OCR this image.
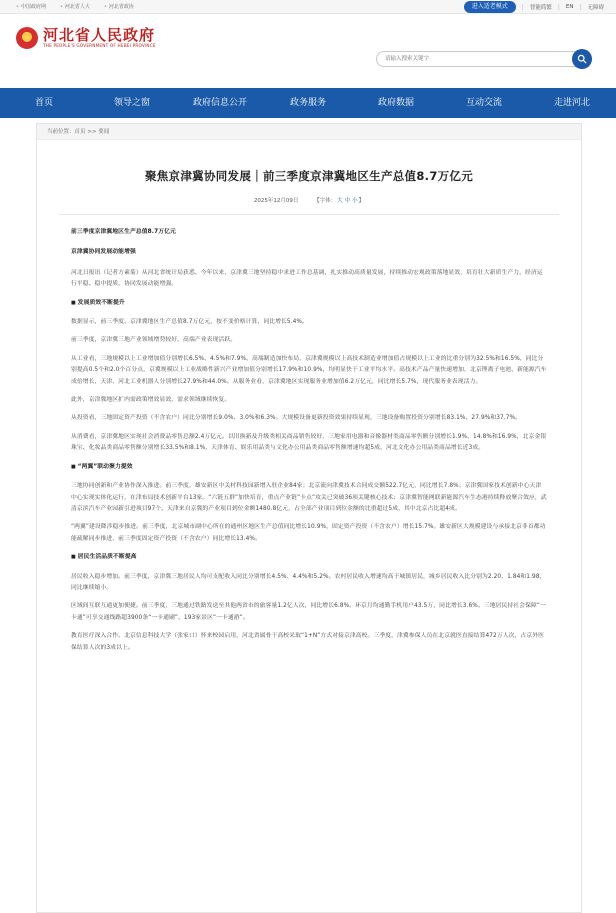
• 中国政府网	• 河北省人大	• 河北省政协	进入适老模式	| 智能简繁 | EN | 无障碍
★ 河北省人民政府
THE PEOPLE'S GOVERNMENT OF HEBEI PROVINCE
请输入搜索关键字
首页	领导之窗	政府信息公开	政务服务	政府数据	互动交流	走进河北
当前位置：首页 >> 要闻
聚焦京津冀协同发展｜前三季度京津冀地区生产总值8.7万亿元
2025年12月09日	【字体：大 中 小】

前三季度京津冀地区生产总值8.7万亿元

京津冀协同发展动能增强

河北日报讯（记者方素菊）从河北省统计局获悉，今年以来，京津冀三地坚持稳中求进工作总基调，扎实推动高质量发展，持续推动宏观政策落地显效，培育壮大新质生产力，经济运行平稳、稳中提质，协同发展动能增强。

■ 发展质效不断提升

数据显示，前三季度，京津冀地区生产总值8.7万亿元，按不变价格计算，同比增长5.4%。

前三季度，京津冀三地产业领域增势较好，高端产业表现活跃。

从工业看，三地规模以上工业增加值分别增长6.5%、4.5%和7.9%。高端制造加快布局，京津冀规模以上高技术制造业增加值占规模以上工业的比重分别为32.5%和16.5%，同比分别提高0.5个和2.0个百分点，京冀规模以上工业战略性新兴产业增加值分别增长17.9%和10.9%，均明显快于工业平均水平。高技术产品产量快速增加，北京锂离子电池、新能源汽车成倍增长，天津、河北工业机器人分别增长27.9%和44.0%。从服务业看，京津冀地区实现服务业增加值6.2万亿元，同比增长5.7%，现代服务业表现活力。

此外，京津冀地区扩内需政策增效显效，需求领域继续恢复。

从投资看，三地固定资产投资（不含农户）同比分别增长9.0%、3.0%和6.3%。大规模设备更新投资效果持续显现，三地设备购置投资分别增长83.1%、27.9%和37.7%。

从消费看，京津冀地区实现社会消费品零售总额2.4万亿元。以旧换新及升级类相关商品销售较好，三地家用电器和音像器材类商品零售额分别增长1.9%、14.8%和16.9%，北京金银珠宝、化妆品类商品零售额分别增长33.5%和8.1%，天津体育、娱乐用品类与文化办公用品类商品零售额增速均超5成，河北文化办公用品类商品增长近3成。

■ “两翼”联动聚力提效

三地协同创新和产业协作深入推进。前三季度，雄安新区中关村科技园新增入驻企业84家；北京流向津冀技术合同成交额522.7亿元，同比增长7.8%；京津冀国家技术创新中心天津中心实现实体化运行，在津布局技术创新平台13家。“六链五群”加快培育，重点产业链“卡点”攻关已突破36项关键核心技术；京津冀智能网联新能源汽车生态港持续释放聚合效应，武清京滨汽车产业园新引进项目97个。天津来自京冀的产业项目到位金额1480.8亿元，占全部产业项目到位金额的比重超过5成，其中北京占比超4成。

“两翼”建设降涉稳步推进。前三季度，北京城市副中心所在的通州区地区生产总值同比增长10.9%，固定资产投资（不含农户）增长15.7%。雄安新区大规模建设与承接北京非首都功能疏解同步推进，前三季度固定资产投资（不含农户）同比增长13.4%。

■ 居民生活品质不断提高

居民收入稳步增加。前三季度，京津冀三地居民人均可支配收入同比分别增长4.5%、4.4%和5.2%。农村居民收入增速均高于城镇居民，城乡居民收入比分别为2.20、1.84和1.98，同比继续缩小。

区域间互联互通更加便捷。前三季度，三地通过铁路发送至其他两省市的旅客量1.2亿人次，同比增长6.8%。环京月均通勤手机用户43.5万，同比增长3.6%。三地居民持社会保障“一卡通”可享交通线路超3900条“一卡通刷”、193家景区“一卡通游”。

教育医疗深入合作。北京信息科技大学（张家口）怀来校园启用，河北省属骨干高校采取“1+N”方式对接京津高校。三季度，津冀参保人员在北京就医直接结算472万人次，占京外医保结算人次的3成以上。
